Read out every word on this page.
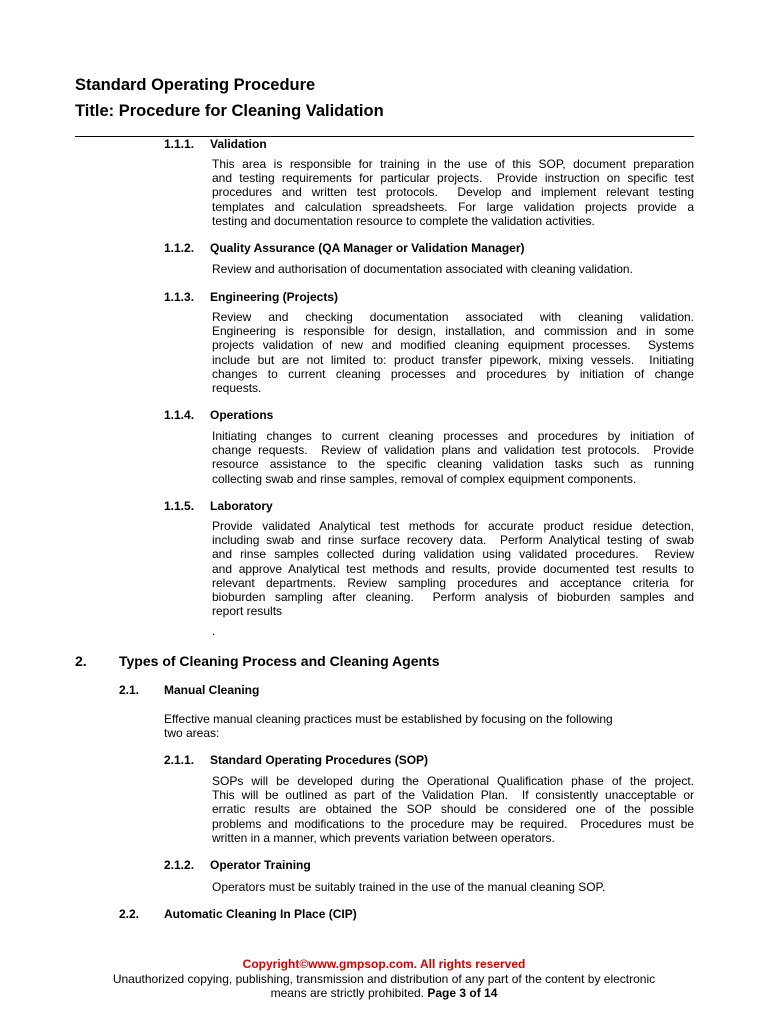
Standard Operating Procedure
Title: Procedure for Cleaning Validation
1.1.1. Validation
This area is responsible for training in the use of this SOP, document preparation
and testing requirements for particular projects.  Provide instruction on specific test
procedures and written test protocols.  Develop and implement relevant testing
templates and calculation spreadsheets. For large validation projects provide a
testing and documentation resource to complete the validation activities.
1.1.2. Quality Assurance (QA Manager or Validation Manager)
Review and authorisation of documentation associated with cleaning validation.
1.1.3. Engineering (Projects)
Review and checking documentation associated with cleaning validation.
Engineering is responsible for design, installation, and commission and in some
projects validation of new and modified cleaning equipment processes.  Systems
include but are not limited to: product transfer pipework, mixing vessels.  Initiating
changes to current cleaning processes and procedures by initiation of change
requests.
1.1.4. Operations
Initiating changes to current cleaning processes and procedures by initiation of
change requests.  Review of validation plans and validation test protocols.  Provide
resource assistance to the specific cleaning validation tasks such as running
collecting swab and rinse samples, removal of complex equipment components.
1.1.5. Laboratory
Provide validated Analytical test methods for accurate product residue detection,
including swab and rinse surface recovery data.  Perform Analytical testing of swab
and rinse samples collected during validation using validated procedures.  Review
and approve Analytical test methods and results, provide documented test results to
relevant departments. Review sampling procedures and acceptance criteria for
bioburden sampling after cleaning.  Perform analysis of bioburden samples and
report results
.
2. Types of Cleaning Process and Cleaning Agents
2.1. Manual Cleaning
Effective manual cleaning practices must be established by focusing on the following
two areas:
2.1.1. Standard Operating Procedures (SOP)
SOPs will be developed during the Operational Qualification phase of the project.
This will be outlined as part of the Validation Plan.  If consistently unacceptable or
erratic results are obtained the SOP should be considered one of the possible
problems and modifications to the procedure may be required.  Procedures must be
written in a manner, which prevents variation between operators.
2.1.2. Operator Training
Operators must be suitably trained in the use of the manual cleaning SOP.
2.2. Automatic Cleaning In Place (CIP)
Copyright©www.gmpsop.com. All rights reserved
Unauthorized copying, publishing, transmission and distribution of any part of the content by electronic
means are strictly prohibited. Page 3 of 14
